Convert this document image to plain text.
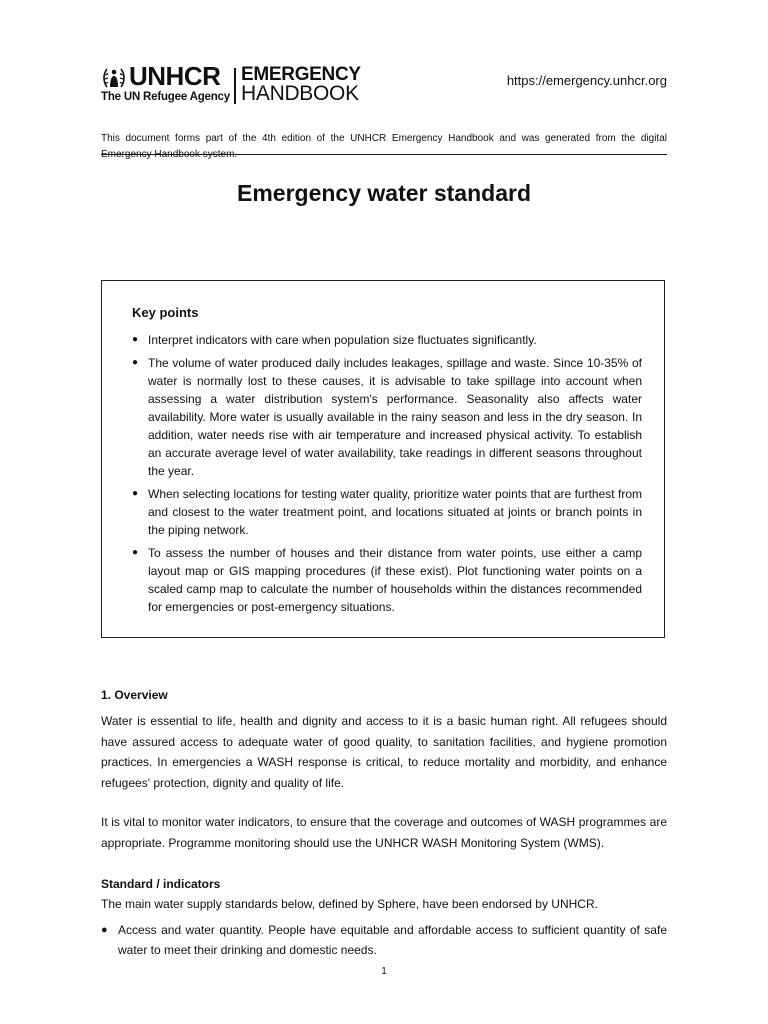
UNHCR
The UN Refugee Agency
EMERGENCY
HANDBOOK
https://emergency.unhcr.org

This document forms part of the 4th edition of the UNHCR Emergency Handbook and was generated from the digital

Emergency water standard
Key points
● Interpret indicators with care when population size fluctuates significantly.
● The volume of water produced daily includes leakages, spillage and waste. Since 10-35% of water is normally lost to these causes, it is advisable to take spillage into account when assessing a water distribution system's performance. Seasonality also affects water availability. More water is usually available in the rainy season and less in the dry season. In addition, water needs rise with air temperature and increased physical activity. To establish an accurate average level of water availability, take readings in different seasons throughout the year.
● When selecting locations for testing water quality, prioritize water points that are furthest from and closest to the water treatment point, and locations situated at joints or branch points in the piping network.
● To assess the number of houses and their distance from water points, use either a camp layout map or GIS mapping procedures (if these exist). Plot functioning water points on a scaled camp map to calculate the number of households within the distances recommended for emergencies or post-emergency situations.
1. Overview

Water is essential to life, health and dignity and access to it is a basic human right. All refugees should have assured access to adequate water of good quality, to sanitation facilities, and hygiene promotion practices. In emergencies a WASH response is critical, to reduce mortality and morbidity, and enhance refugees' protection, dignity and quality of life.

It is vital to monitor water indicators, to ensure that the coverage and outcomes of WASH programmes are appropriate. Programme monitoring should use the UNHCR WASH Monitoring System (WMS).

Standard / indicators

The main water supply standards below, defined by Sphere, have been endorsed by UNHCR.

● Access and water quantity. People have equitable and affordable access to sufficient quantity of safe water to meet their drinking and domestic needs.
1
